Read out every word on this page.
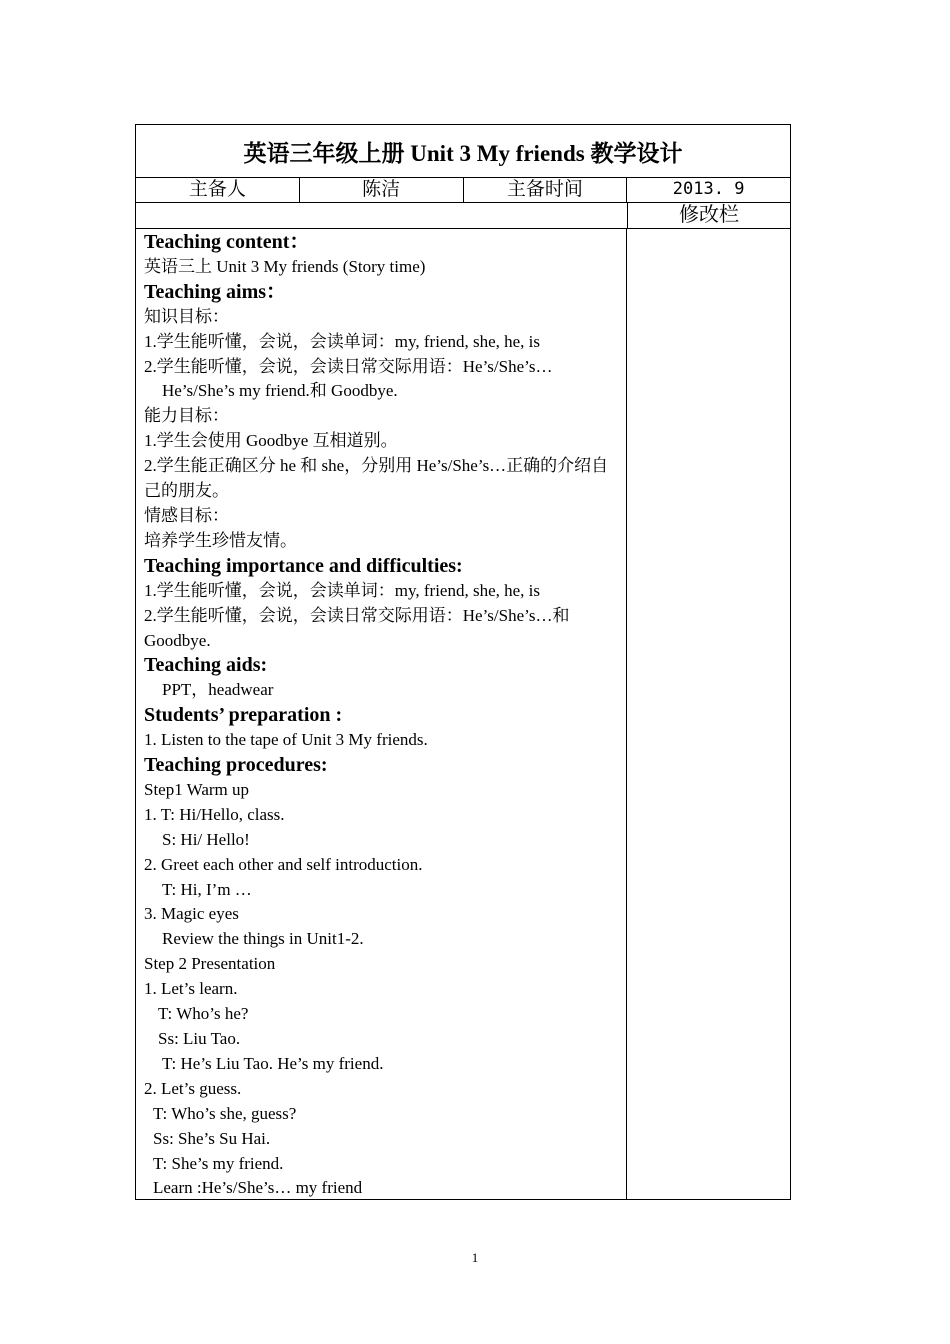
英语三年级上册 Unit 3 My friends 教学设计
主备人	陈洁	主备时间	2013. 9
修改栏
Teaching content：
英语三上 Unit 3 My friends (Story time)
Teaching aims：
知识目标：
1.学生能听懂，会说，会读单词：my, friend, she, he, is
2.学生能听懂，会说，会读日常交际用语：He’s/She’s…
He’s/She’s my friend.和 Goodbye.
能力目标：
1.学生会使用 Goodbye 互相道别。
2.学生能正确区分 he 和 she，分别用 He’s/She’s…正确的介绍自己的朋友。
情感目标：
培养学生珍惜友情。
Teaching importance and difficulties:
1.学生能听懂，会说，会读单词：my, friend, she, he, is
2.学生能听懂，会说，会读日常交际用语：He’s/She’s…和 Goodbye.
Teaching aids:
PPT，headwear
Students’ preparation :
1. Listen to the tape of Unit 3 My friends.
Teaching procedures:
Step1 Warm up
1. T: Hi/Hello, class.
S: Hi/ Hello!
2. Greet each other and self introduction.
T: Hi, I’m …
3. Magic eyes
Review the things in Unit1-2.
Step 2 Presentation
1. Let’s learn.
T: Who’s he?
Ss: Liu Tao.
T: He’s Liu Tao. He’s my friend.
2. Let’s guess.
T: Who’s she, guess?
Ss: She’s Su Hai.
T: She’s my friend.
Learn :He’s/She’s… my friend
1
